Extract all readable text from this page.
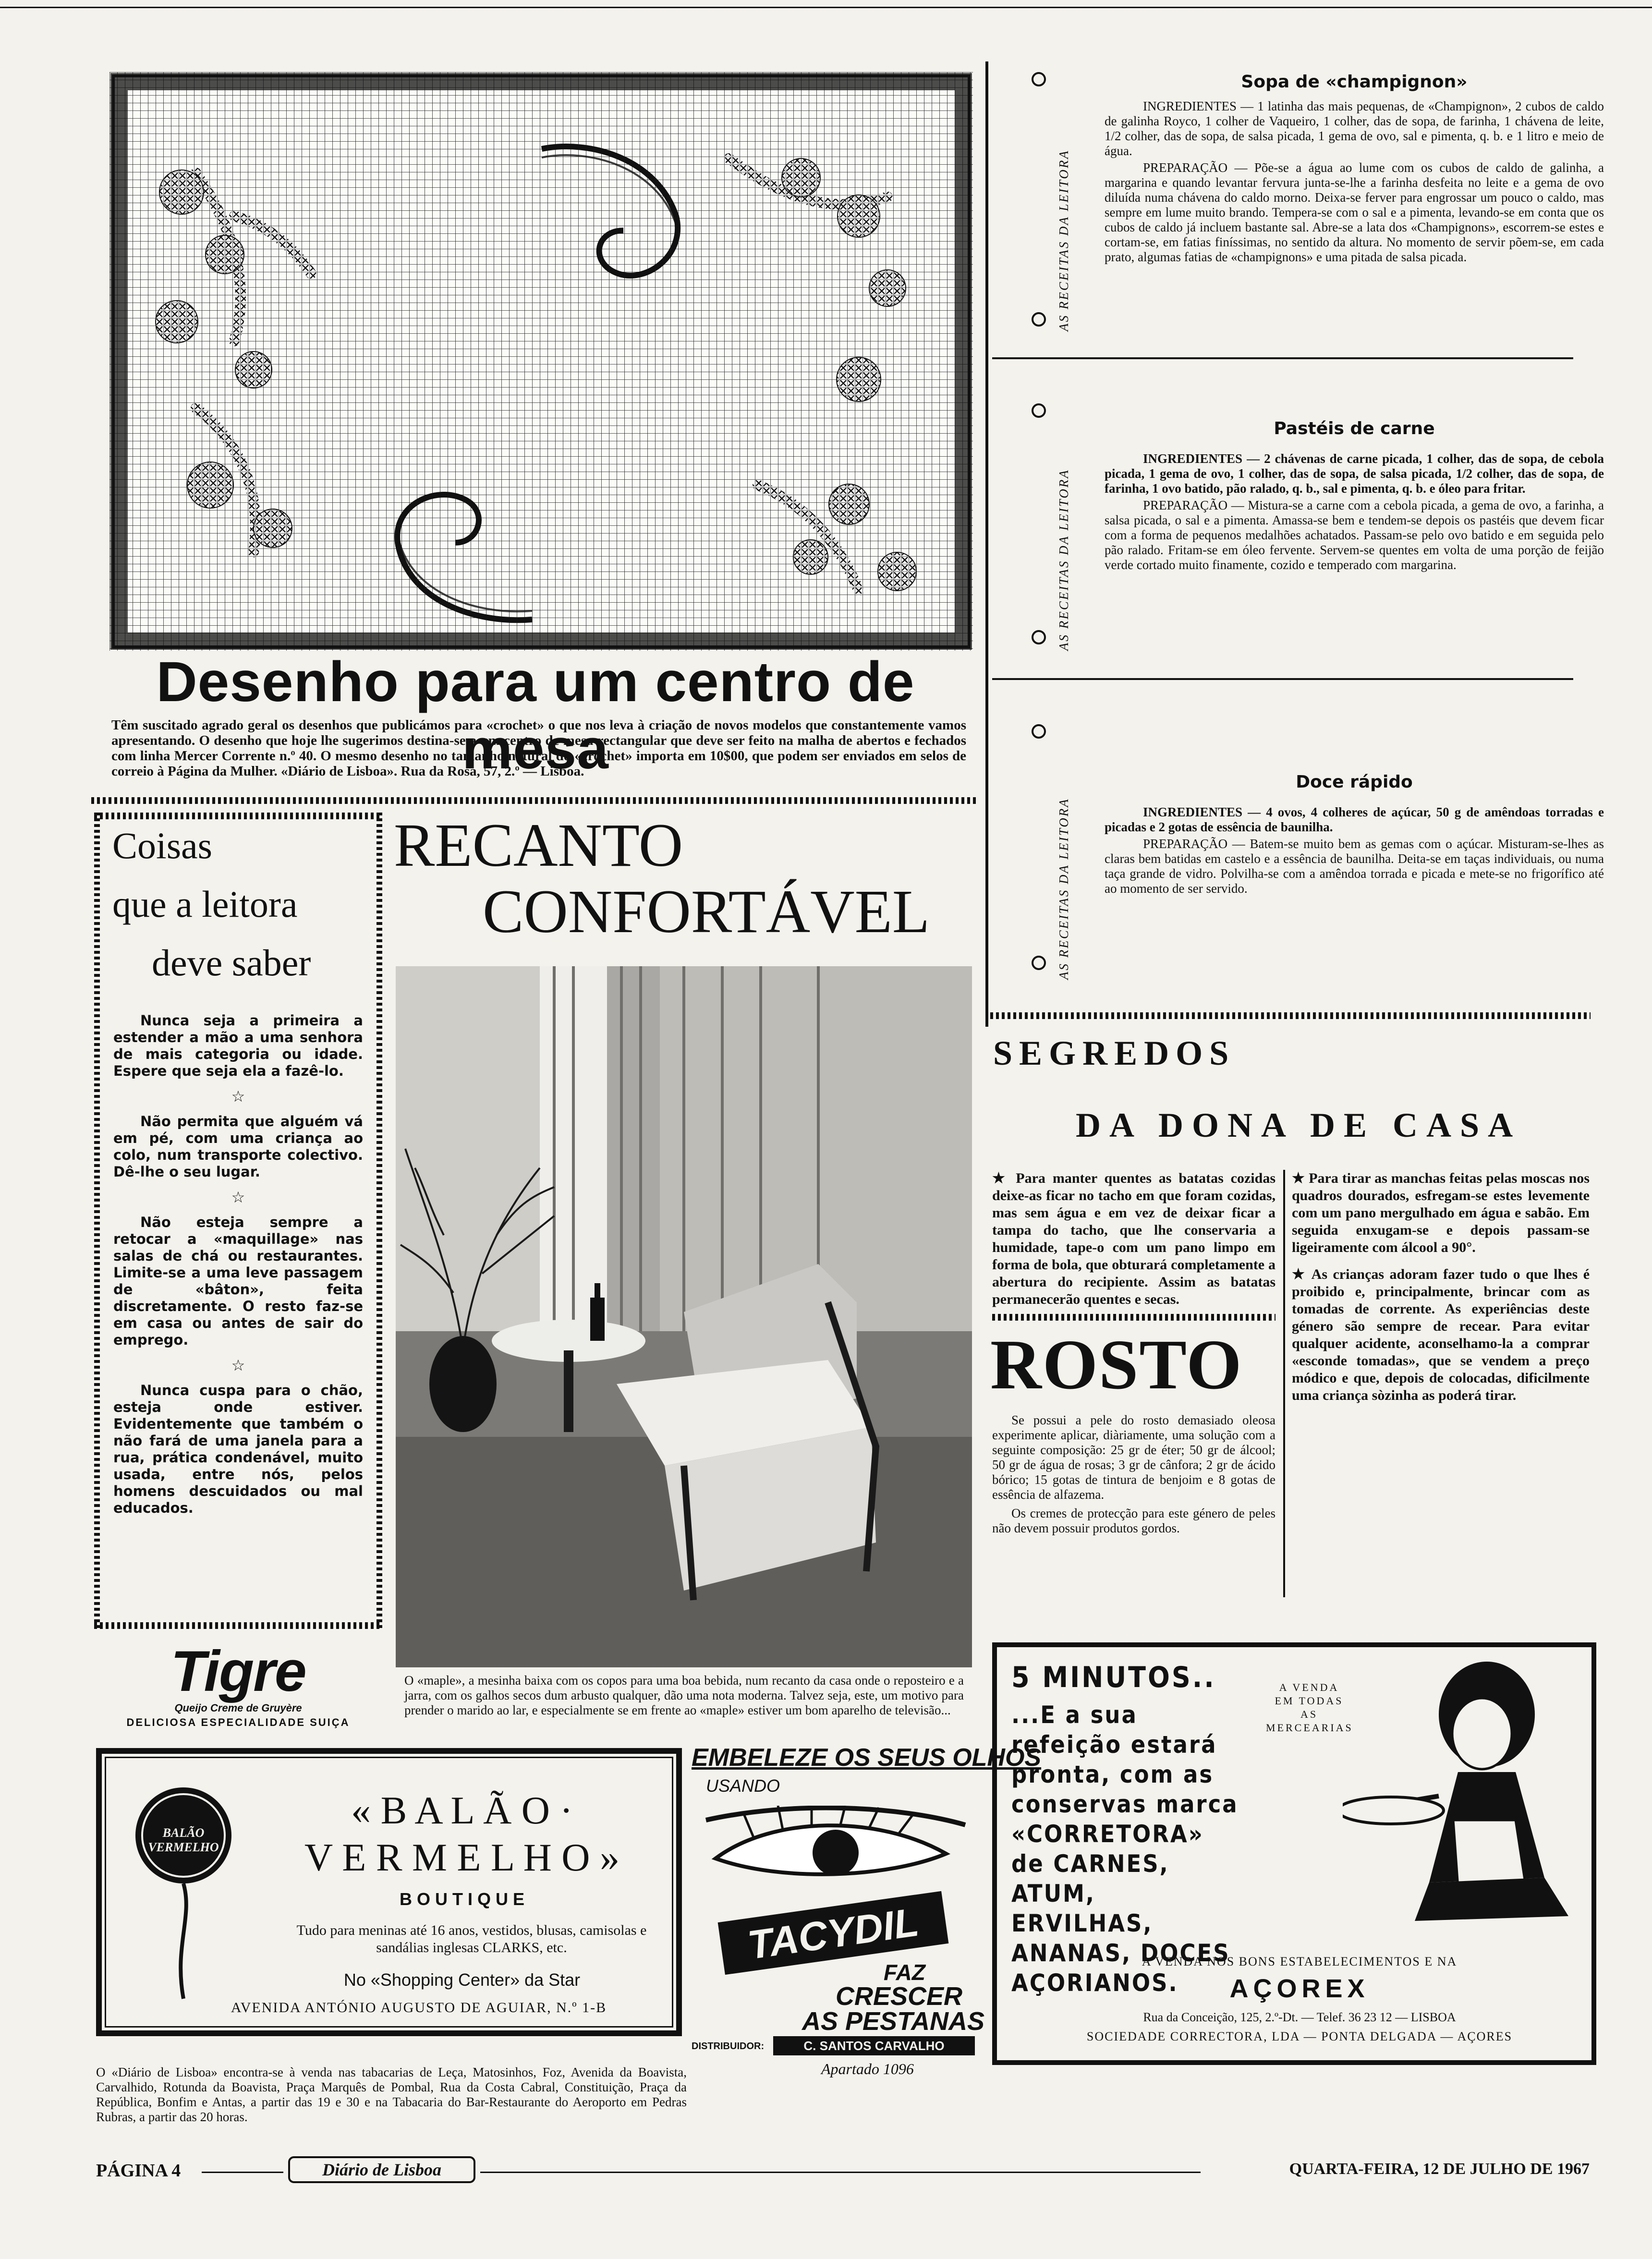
Desenho para um centro de mesa
Têm suscitado agrado geral os desenhos que publicámos para «crochet» o que nos leva à criação de novos modelos que constantemente vamos apresentando. O desenho que hoje lhe sugerimos destina-se a um centro de mesa rectangular que deve ser feito na malha de abertos e fechados com linha Mercer Corrente n.º 40. O mesmo desenho no tamanho natural do «crochet» importa em 10$00, que podem ser enviados em selos de correio à Página da Mulher. «Diário de Lisboa». Rua da Rosa, 57, 2.º — Lisboa.
Coisas
que a leitora
deve saber

Nunca seja a primeira a estender a mão a uma senhora de mais categoria ou idade. Espere que seja ela a fazê-lo.

☆

Não permita que alguém vá em pé, com uma criança ao colo, num transporte colectivo. Dê-lhe o seu lugar.

☆

Não esteja sempre a retocar a «maquillage» nas salas de chá ou restaurantes. Limite-se a uma leve passagem de «bâton», feita discretamente. O resto faz-se em casa ou antes de sair do emprego.

☆

Nunca cuspa para o chão, esteja onde estiver. Evidentemente que também o não fará de uma janela para a rua, prática condenável, muito usada, entre nós, pelos homens descuidados ou mal educados.

RECANTO
CONFORTÁVEL
O «maple», a mesinha baixa com os copos para uma boa bebida, num recanto da casa onde o reposteiro e a jarra, com os galhos secos dum arbusto qualquer, dão uma nota moderna. Talvez seja, este, um motivo para prender o marido ao lar, e especialmente se em frente ao «maple» estiver um bom aparelho de televisão...
Tigre
Queijo Creme de Gruyère
DELICIOSA ESPECIALIDADE SUIÇA
AS RECEITAS DA LEITORA
Sopa de «champignon»

INGREDIENTES — 1 latinha das mais pequenas, de «Champignon», 2 cubos de caldo de galinha Royco, 1 colher de Vaqueiro, 1 colher, das de sopa, de farinha, 1 chávena de leite, 1/2 colher, das de sopa, de salsa picada, 1 gema de ovo, sal e pimenta, q. b. e 1 litro e meio de água.

PREPARAÇÃO — Põe-se a água ao lume com os cubos de caldo de galinha, a margarina e quando levantar fervura junta-se-lhe a farinha desfeita no leite e a gema de ovo diluída numa chávena do caldo morno. Deixa-se ferver para engrossar um pouco o caldo, mas sempre em lume muito brando. Tempera-se com o sal e a pimenta, levando-se em conta que os cubos de caldo já incluem bastante sal. Abre-se a lata dos «Champignons», escorrem-se estes e cortam-se, em fatias finíssimas, no sentido da altura. No momento de servir põem-se, em cada prato, algumas fatias de «champignons» e uma pitada de salsa picada.

AS RECEITAS DA LEITORA
Pastéis de carne

INGREDIENTES — 2 chávenas de carne picada, 1 colher, das de sopa, de cebola picada, 1 gema de ovo, 1 colher, das de sopa, de salsa picada, 1/2 colher, das de sopa, de farinha, 1 ovo batido, pão ralado, q. b., sal e pimenta, q. b. e óleo para fritar.

PREPARAÇÃO — Mistura-se a carne com a cebola picada, a gema de ovo, a farinha, a salsa picada, o sal e a pimenta. Amassa-se bem e tendem-se depois os pastéis que devem ficar com a forma de pequenos medalhões achatados. Passam-se pelo ovo batido e em seguida pelo pão ralado. Fritam-se em óleo fervente. Servem-se quentes em volta de uma porção de feijão verde cortado muito finamente, cozido e temperado com margarina.

AS RECEITAS DA LEITORA
Doce rápido

INGREDIENTES — 4 ovos, 4 colheres de açúcar, 50 g de amêndoas torradas e picadas e 2 gotas de essência de baunilha.

PREPARAÇÃO — Batem-se muito bem as gemas com o açúcar. Misturam-se-lhes as claras bem batidas em castelo e a essência de baunilha. Deita-se em taças individuais, ou numa taça grande de vidro. Polvilha-se com a amêndoa torrada e picada e mete-se no frigorífico até ao momento de ser servido.

SEGREDOS
DA DONA DE CASA
★ Para manter quentes as batatas cozidas deixe-as ficar no tacho em que foram cozidas, mas sem água e em vez de deixar ficar a tampa do tacho, que lhe conservaria a humidade, tape-o com um pano limpo em forma de bola, que obturará completamente a abertura do recipiente. Assim as batatas permanecerão quentes e secas.

★ Para tirar as manchas feitas pelas moscas nos quadros dourados, esfregam-se estes levemente com um pano mergulhado em água e sabão. Em seguida enxugam-se e depois passam-se ligeiramente com álcool a 90°.

★ As crianças adoram fazer tudo o que lhes é proibido e, principalmente, brincar com as tomadas de corrente. As experiências deste género são sempre de recear. Para evitar qualquer acidente, aconselhamo-la a comprar «esconde tomadas», que se vendem a preço módico e que, depois de colocadas, dificilmente uma criança sòzinha as poderá tirar.

ROSTO

Se possui a pele do rosto demasiado oleosa experimente aplicar, diàriamente, uma solução com a seguinte composição: 25 gr de éter; 50 gr de álcool; 50 gr de água de rosas; 3 gr de cânfora; 2 gr de ácido bórico; 15 gotas de tintura de benjoim e 8 gotas de essência de alfazema.

Os cremes de protecção para este género de peles não devem possuir produtos gordos.

BALÃO VERMELHO
« B A L Ã O ·
V E R M E L H O »
B O U T I Q U E
Tudo para meninas até 16 anos, vestidos, blusas, camisolas e sandálias inglesas CLARKS, etc.
No «Shopping Center» da Star
AVENIDA ANTÓNIO AUGUSTO DE AGUIAR, N.º 1-B
EMBELEZE OS SEUS OLHOS
USANDO
TACYDIL
FAZ
CRESCER
AS PESTANAS
DISTRIBUIDOR:	C. SANTOS CARVALHO
Apartado 1096
5 MINUTOS..
...E a sua refeição estará pronta, com as conservas marca «CORRETORA» de CARNES, ATUM, ERVILHAS, ANANAS, DOCES AÇORIANOS.
A VENDA
EM TODAS
AS
MERCEARIAS
A VENDA NOS BONS ESTABELECIMENTOS E NA
AÇOREX
Rua da Conceição, 125, 2.º-Dt. — Telef. 36 23 12 — LISBOA
SOCIEDADE CORRECTORA, LDA — PONTA DELGADA — AÇORES
O «Diário de Lisboa» encontra-se à venda nas tabacarias de Leça, Matosinhos, Foz, Avenida da Boavista, Carvalhido, Rotunda da Boavista, Praça Marquês de Pombal, Rua da Costa Cabral, Constituição, Praça da República, Bonfim e Antas, a partir das 19 e 30 e na Tabacaria do Bar-Restaurante do Aeroporto em Pedras Rubras, a partir das 20 horas.
PÁGINA 4	Diário de Lisboa	QUARTA-FEIRA, 12 DE JULHO DE 1967
